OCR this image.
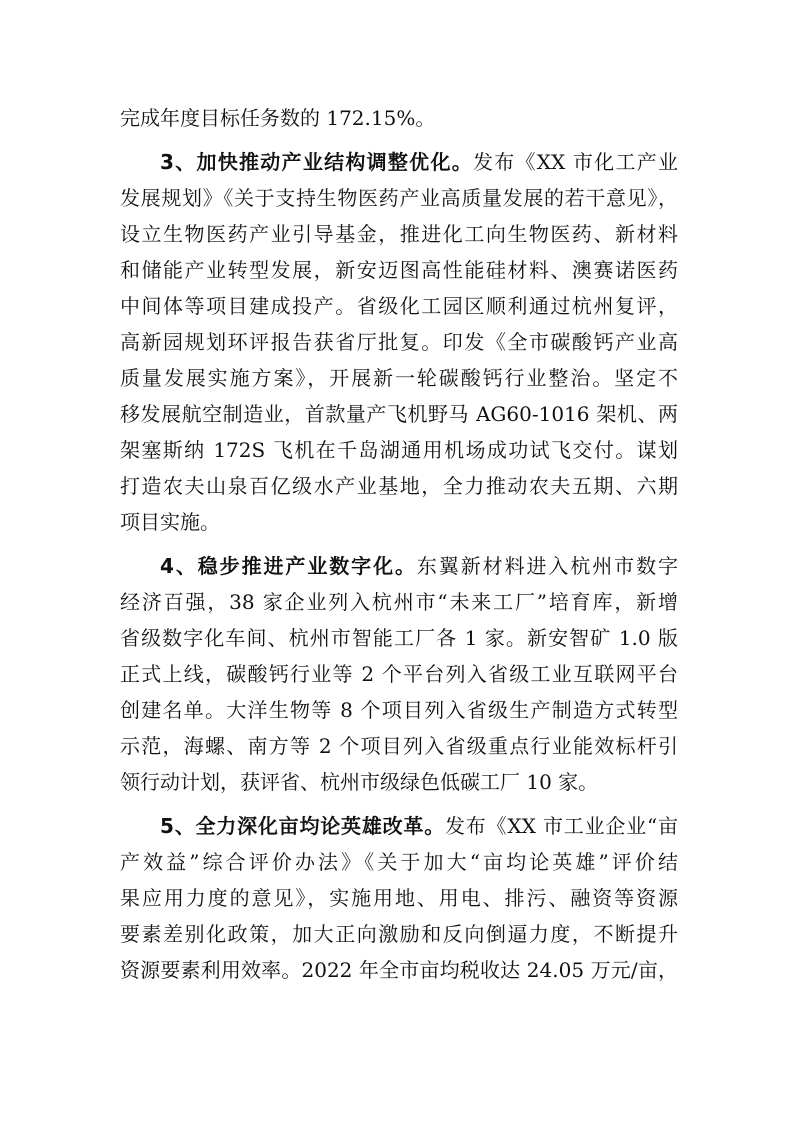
完成年度目标任务数的 172.15%。
3、加快推动产业结构调整优化。发布《XX 市化工产业
发展规划》《关于支持生物医药产业高质量发展的若干意见》，
设立生物医药产业引导基金，推进化工向生物医药、新材料
和储能产业转型发展，新安迈图高性能硅材料、澳赛诺医药
中间体等项目建成投产。省级化工园区顺利通过杭州复评，
高新园规划环评报告获省厅批复。印发《全市碳酸钙产业高
质量发展实施方案》，开展新一轮碳酸钙行业整治。坚定不
移发展航空制造业，首款量产飞机野马 AG60-1016 架机、两
架塞斯纳 172S 飞机在千岛湖通用机场成功试飞交付。谋划
打造农夫山泉百亿级水产业基地，全力推动农夫五期、六期
项目实施。
4、稳步推进产业数字化。东翼新材料进入杭州市数字
经济百强，38 家企业列入杭州市“未来工厂”培育库，新增
省级数字化车间、杭州市智能工厂各 1 家。新安智矿 1.0 版
正式上线，碳酸钙行业等 2 个平台列入省级工业互联网平台
创建名单。大洋生物等 8 个项目列入省级生产制造方式转型
示范，海螺、南方等 2 个项目列入省级重点行业能效标杆引
领行动计划，获评省、杭州市级绿色低碳工厂 10 家。
5、全力深化亩均论英雄改革。发布《XX 市工业企业“亩
产效益”综合评价办法》《关于加大“亩均论英雄”评价结
果应用力度的意见》，实施用地、用电、排污、融资等资源
要素差别化政策，加大正向激励和反向倒逼力度，不断提升
资源要素利用效率。2022 年全市亩均税收达 24.05 万元/亩，
